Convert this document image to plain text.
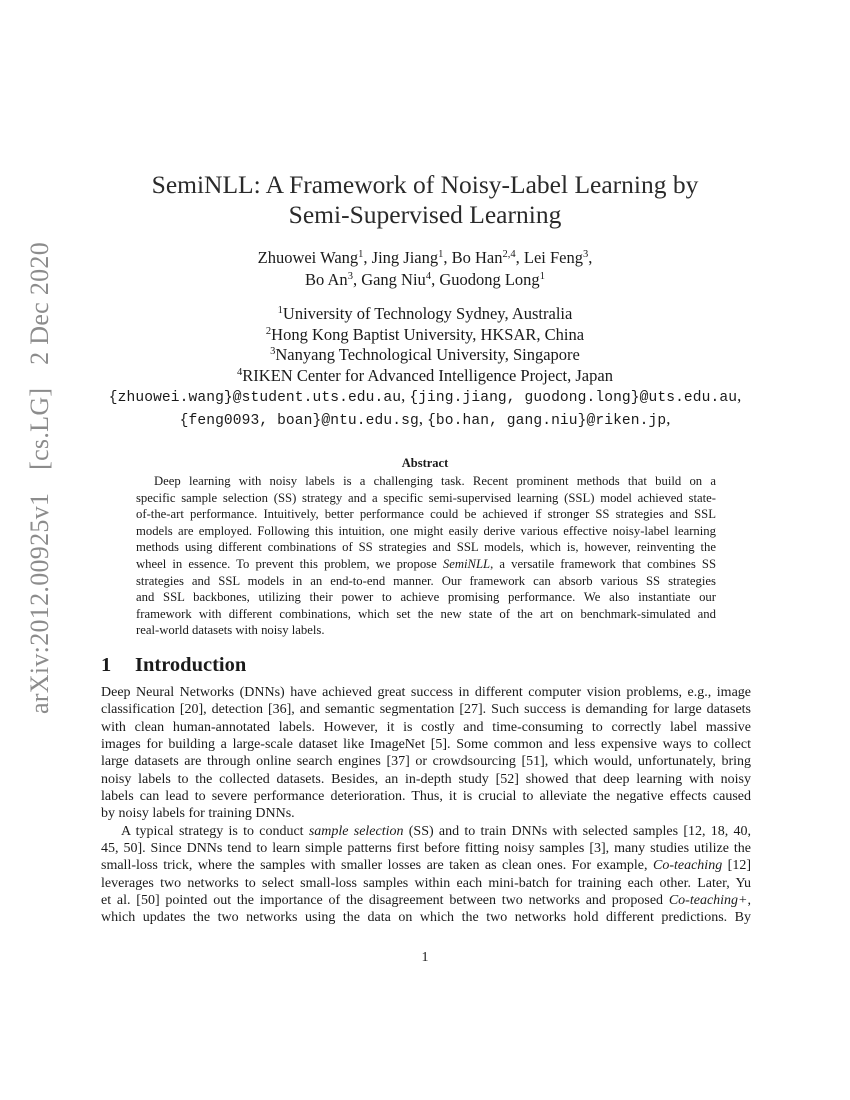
arXiv:2012.00925v1 [cs.LG] 2 Dec 2020
SemiNLL: A Framework of Noisy-Label Learning by
Semi-Supervised Learning
Zhuowei Wang$^1$, Jing Jiang$^1$, Bo Han$^{2,4}$, Lei Feng$^3$,
Bo An$^3$, Gang Niu$^4$, Guodong Long$^1$
$^1$University of Technology Sydney, Australia
$^2$Hong Kong Baptist University, HKSAR, China
$^3$Nanyang Technological University, Singapore
$^4$RIKEN Center for Advanced Intelligence Project, Japan
{zhuowei.wang}@student.uts.edu.au, {jing.jiang, guodong.long}@uts.edu.au,
{feng0093, boan}@ntu.edu.sg, {bo.han, gang.niu}@riken.jp,
Abstract
Deep learning with noisy labels is a challenging task. Recent prominent methods that build on a
specific sample selection (SS) strategy and a specific semi-supervised learning (SSL) model achieved state-
of-the-art performance. Intuitively, better performance could be achieved if stronger SS strategies and SSL
models are employed. Following this intuition, one might easily derive various effective noisy-label learning
methods using different combinations of SS strategies and SSL models, which is, however, reinventing the
wheel in essence. To prevent this problem, we propose SemiNLL, a versatile framework that combines SS
strategies and SSL models in an end-to-end manner. Our framework can absorb various SS strategies
and SSL backbones, utilizing their power to achieve promising performance. We also instantiate our
framework with different combinations, which set the new state of the art on benchmark-simulated and
real-world datasets with noisy labels.
1 Introduction
Deep Neural Networks (DNNs) have achieved great success in different computer vision problems, e.g., image
classification [20], detection [36], and semantic segmentation [27]. Such success is demanding for large datasets
with clean human-annotated labels. However, it is costly and time-consuming to correctly label massive
images for building a large-scale dataset like ImageNet [5]. Some common and less expensive ways to collect
large datasets are through online search engines [37] or crowdsourcing [51], which would, unfortunately, bring
noisy labels to the collected datasets. Besides, an in-depth study [52] showed that deep learning with noisy
labels can lead to severe performance deterioration. Thus, it is crucial to alleviate the negative effects caused
by noisy labels for training DNNs.
A typical strategy is to conduct sample selection (SS) and to train DNNs with selected samples [12, 18, 40,
45, 50]. Since DNNs tend to learn simple patterns first before fitting noisy samples [3], many studies utilize the
small-loss trick, where the samples with smaller losses are taken as clean ones. For example, Co-teaching [12]
leverages two networks to select small-loss samples within each mini-batch for training each other. Later, Yu
et al. [50] pointed out the importance of the disagreement between two networks and proposed Co-teaching+,
which updates the two networks using the data on which the two networks hold different predictions. By
1
